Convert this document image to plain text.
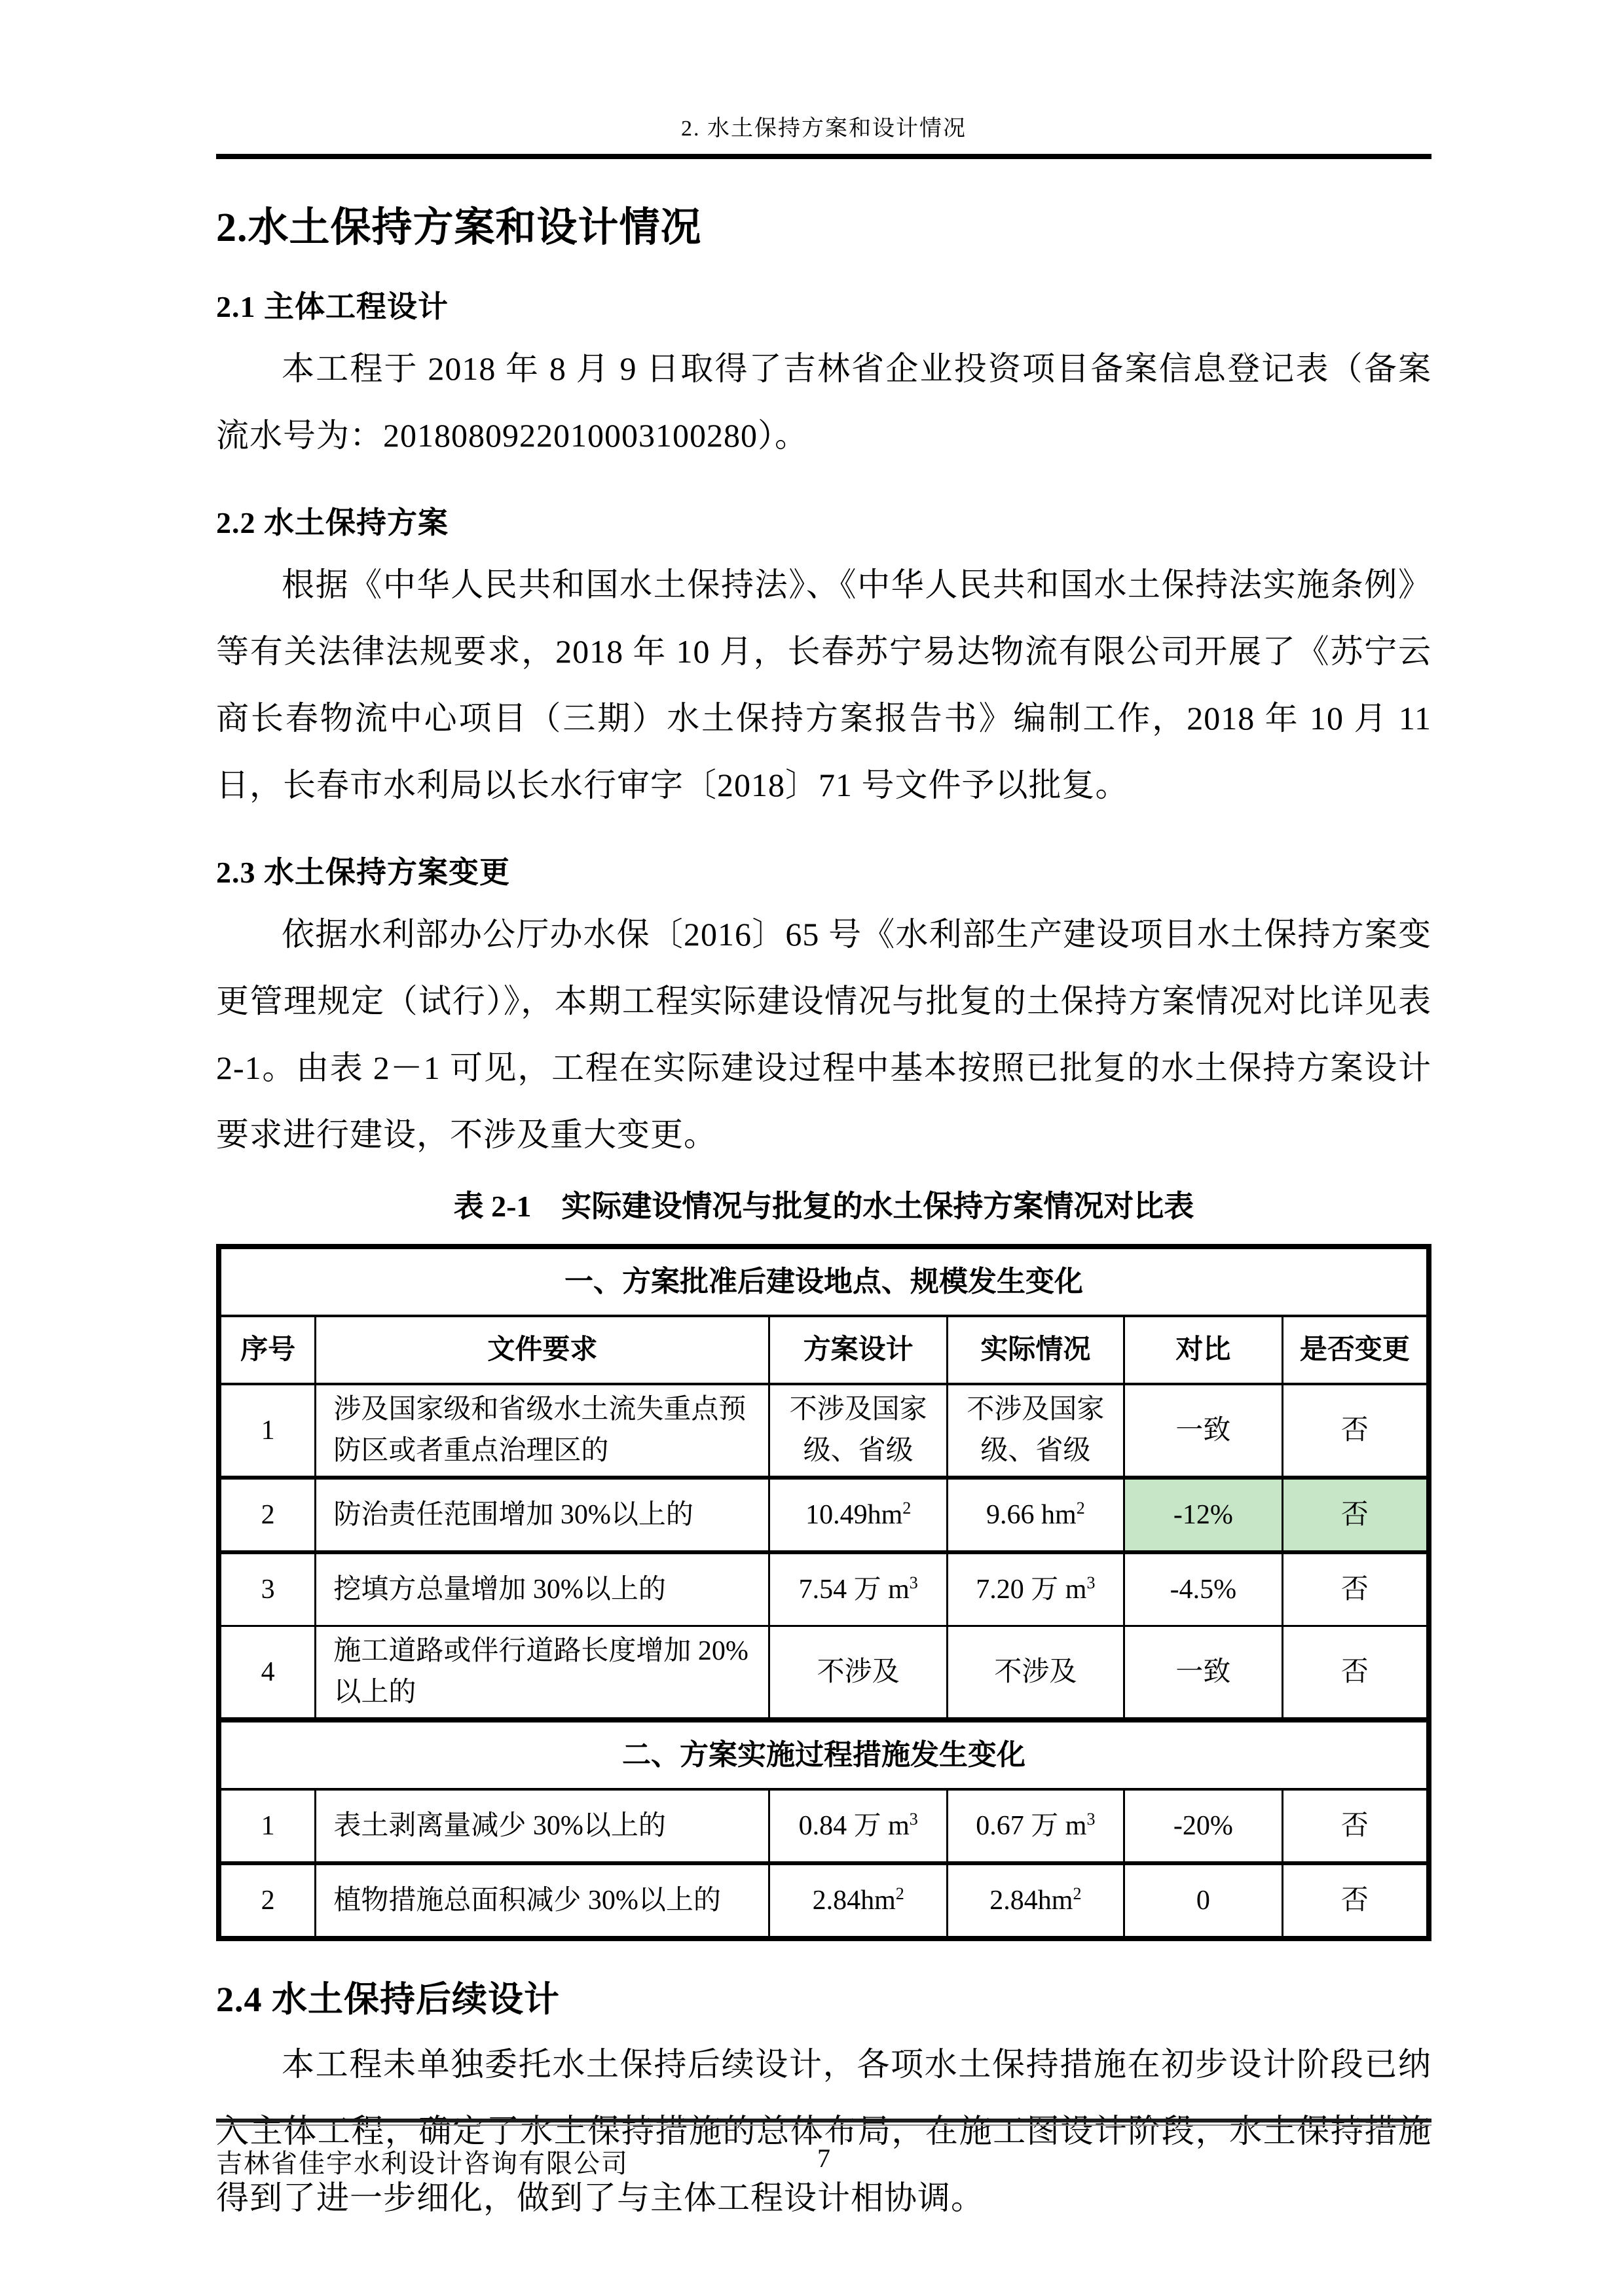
2. 水土保持方案和设计情况
2.水土保持方案和设计情况
2.1 主体工程设计
本工程于 2018 年 8 月 9 日取得了吉林省企业投资项目备案信息登记表（备案流水号为：2018080922010003100280）。
2.2 水土保持方案
根据《中华人民共和国水土保持法》、《中华人民共和国水土保持法实施条例》等有关法律法规要求，2018 年 10 月，长春苏宁易达物流有限公司开展了《苏宁云商长春物流中心项目（三期）水土保持方案报告书》编制工作，2018 年 10 月 11 日，长春市水利局以长水行审字〔2018〕71 号文件予以批复。
2.3 水土保持方案变更
依据水利部办公厅办水保〔2016〕65 号《水利部生产建设项目水土保持方案变更管理规定（试行）》，本期工程实际建设情况与批复的土保持方案情况对比详见表 2-1。由表 2－1 可见，工程在实际建设过程中基本按照已批复的水土保持方案设计要求进行建设，不涉及重大变更。
表 2-1　实际建设情况与批复的水土保持方案情况对比表
一、方案批准后建设地点、规模发生变化					
序号	文件要求	方案设计	实际情况	对比	是否变更
1	涉及国家级和省级水土流失重点预防区或者重点治理区的	不涉及国家级、省级	不涉及国家级、省级	一致	否
2	防治责任范围增加 30%以上的	$10.49hm^2$	9.66 $hm^2$	-12%	否
3	挖填方总量增加 30%以上的	7.54 万 $m^3$	7.20 万 $m^3$	-4.5%	否
4	施工道路或伴行道路长度增加 20%以上的	不涉及	不涉及	一致	否
二、方案实施过程措施发生变化					
1	表土剥离量减少 30%以上的	0.84 万 $m^3$	0.67 万 $m^3$	-20%	否
2	植物措施总面积减少 30%以上的	$2.84hm^2$	$2.84hm^2$	0	否
2.4 水土保持后续设计
本工程未单独委托水土保持后续设计，各项水土保持措施在初步设计阶段已纳入主体工程，确定了水土保持措施的总体布局，在施工图设计阶段，水土保持措施得到了进一步细化，做到了与主体工程设计相协调。
吉林省佳宇水利设计咨询有限公司	7
